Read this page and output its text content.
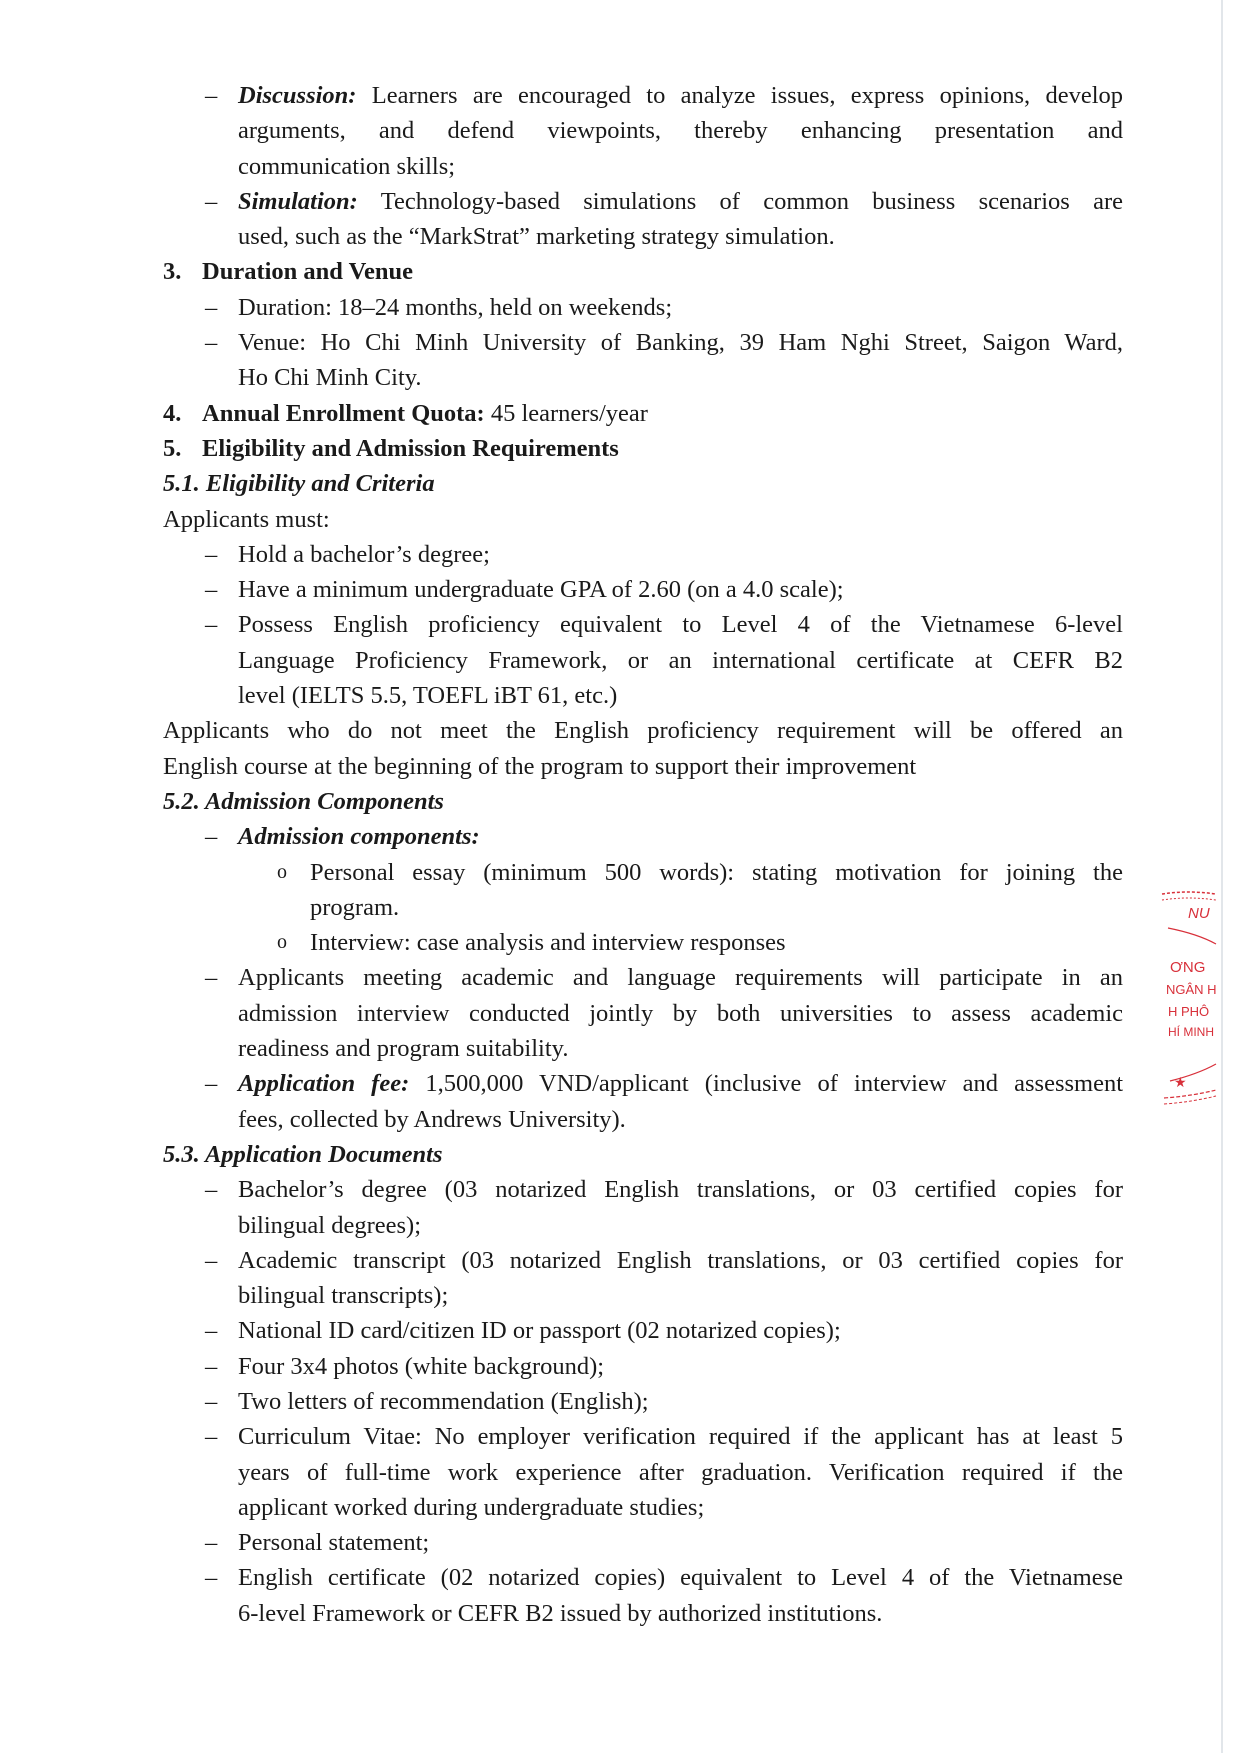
– Discussion: Learners are encouraged to analyze issues, express opinions, develop

arguments, and defend viewpoints, thereby enhancing presentation and

communication skills;

– Simulation: Technology-based simulations of common business scenarios are

used, such as the “MarkStrat” marketing strategy simulation.

3. Duration and Venue

– Duration: 18–24 months, held on weekends;

– Venue: Ho Chi Minh University of Banking, 39 Ham Nghi Street, Saigon Ward,

Ho Chi Minh City.

4. Annual Enrollment Quota: 45 learners/year

5. Eligibility and Admission Requirements

5.1. Eligibility and Criteria

Applicants must:

– Hold a bachelor’s degree;

– Have a minimum undergraduate GPA of 2.60 (on a 4.0 scale);

– Possess English proficiency equivalent to Level 4 of the Vietnamese 6-level

Language Proficiency Framework, or an international certificate at CEFR B2

level (IELTS 5.5, TOEFL iBT 61, etc.)

Applicants who do not meet the English proficiency requirement will be offered an

English course at the beginning of the program to support their improvement

5.2. Admission Components

– Admission components:

o Personal essay (minimum 500 words): stating motivation for joining the

program.

o Interview: case analysis and interview responses

– Applicants meeting academic and language requirements will participate in an

admission interview conducted jointly by both universities to assess academic

readiness and program suitability.

– Application fee: 1,500,000 VND/applicant (inclusive of interview and assessment

fees, collected by Andrews University).

5.3. Application Documents

– Bachelor’s degree (03 notarized English translations, or 03 certified copies for

bilingual degrees);

– Academic transcript (03 notarized English translations, or 03 certified copies for

bilingual transcripts);

– National ID card/citizen ID or passport (02 notarized copies);

– Four 3x4 photos (white background);

– Two letters of recommendation (English);

– Curriculum Vitae: No employer verification required if the applicant has at least 5

years of full-time work experience after graduation. Verification required if the

applicant worked during undergraduate studies;

– Personal statement;

– English certificate (02 notarized copies) equivalent to Level 4 of the Vietnamese

6-level Framework or CEFR B2 issued by authorized institutions.

NU
ƠNG
NGÂN H
H PHÔ
HÍ MINH
★
